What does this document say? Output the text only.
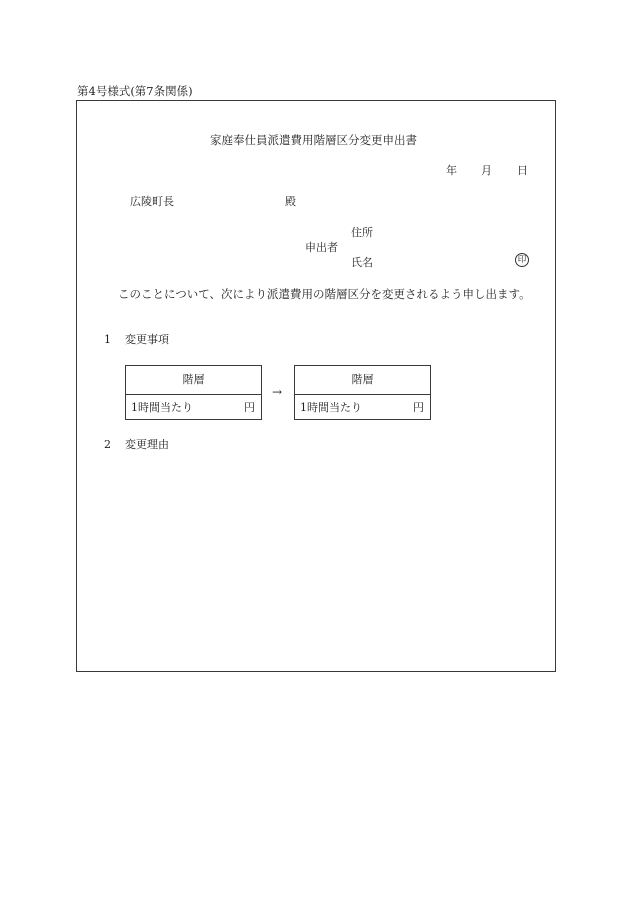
第4号様式(第7条関係)
家庭奉仕員派遣費用階層区分変更申出書
年 月 日
広陵町長	殿
住所
申出者
氏名	印
このことについて、次により派遣費用の階層区分を変更されるよう申し出ます。
1 変更事項
階層
1時間当たり	円
→
階層
1時間当たり	円
2 変更理由
